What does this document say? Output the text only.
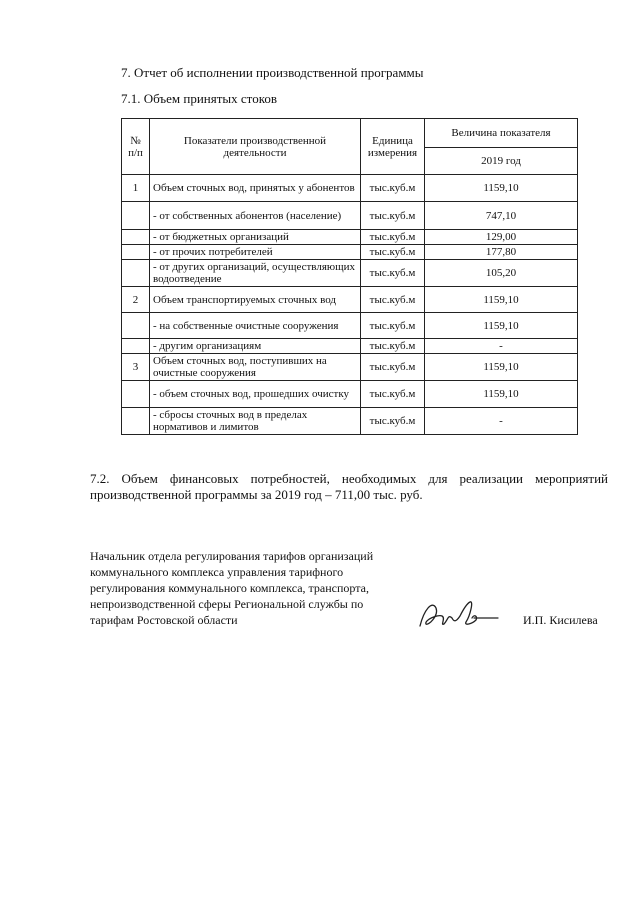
7. Отчет об исполнении производственной программы
7.1. Объем принятых стоков
№ п/п	Показатели производственной деятельности	Единица измерения	Величина показателя
			2019 год
1	Объем сточных вод, принятых у абонентов	тыс.куб.м	1159,10
	- от собственных абонентов (население)	тыс.куб.м	747,10
	- от бюджетных организаций	тыс.куб.м	129,00
	- от прочих потребителей	тыс.куб.м	177,80
	- от других организаций, осуществляющих водоотведение	тыс.куб.м	105,20
2	Объем транспортируемых сточных вод	тыс.куб.м	1159,10
	- на собственные очистные сооружения	тыс.куб.м	1159,10
	- другим организациям	тыс.куб.м	-
3	Объем сточных вод, поступивших на очистные сооружения	тыс.куб.м	1159,10
	- объем сточных вод, прошедших очистку	тыс.куб.м	1159,10
	- сбросы сточных вод в пределах нормативов и лимитов	тыс.куб.м	-
7.2. Объем финансовых потребностей, необходимых для реализации мероприятий
производственной программы за 2019 год – 711,00 тыс. руб.
Начальник отдела регулирования тарифов организаций коммунального комплекса управления тарифного регулирования коммунального комплекса, транспорта, непроизводственной сферы Региональной службы по тарифам Ростовской области	И.П. Кисилева
